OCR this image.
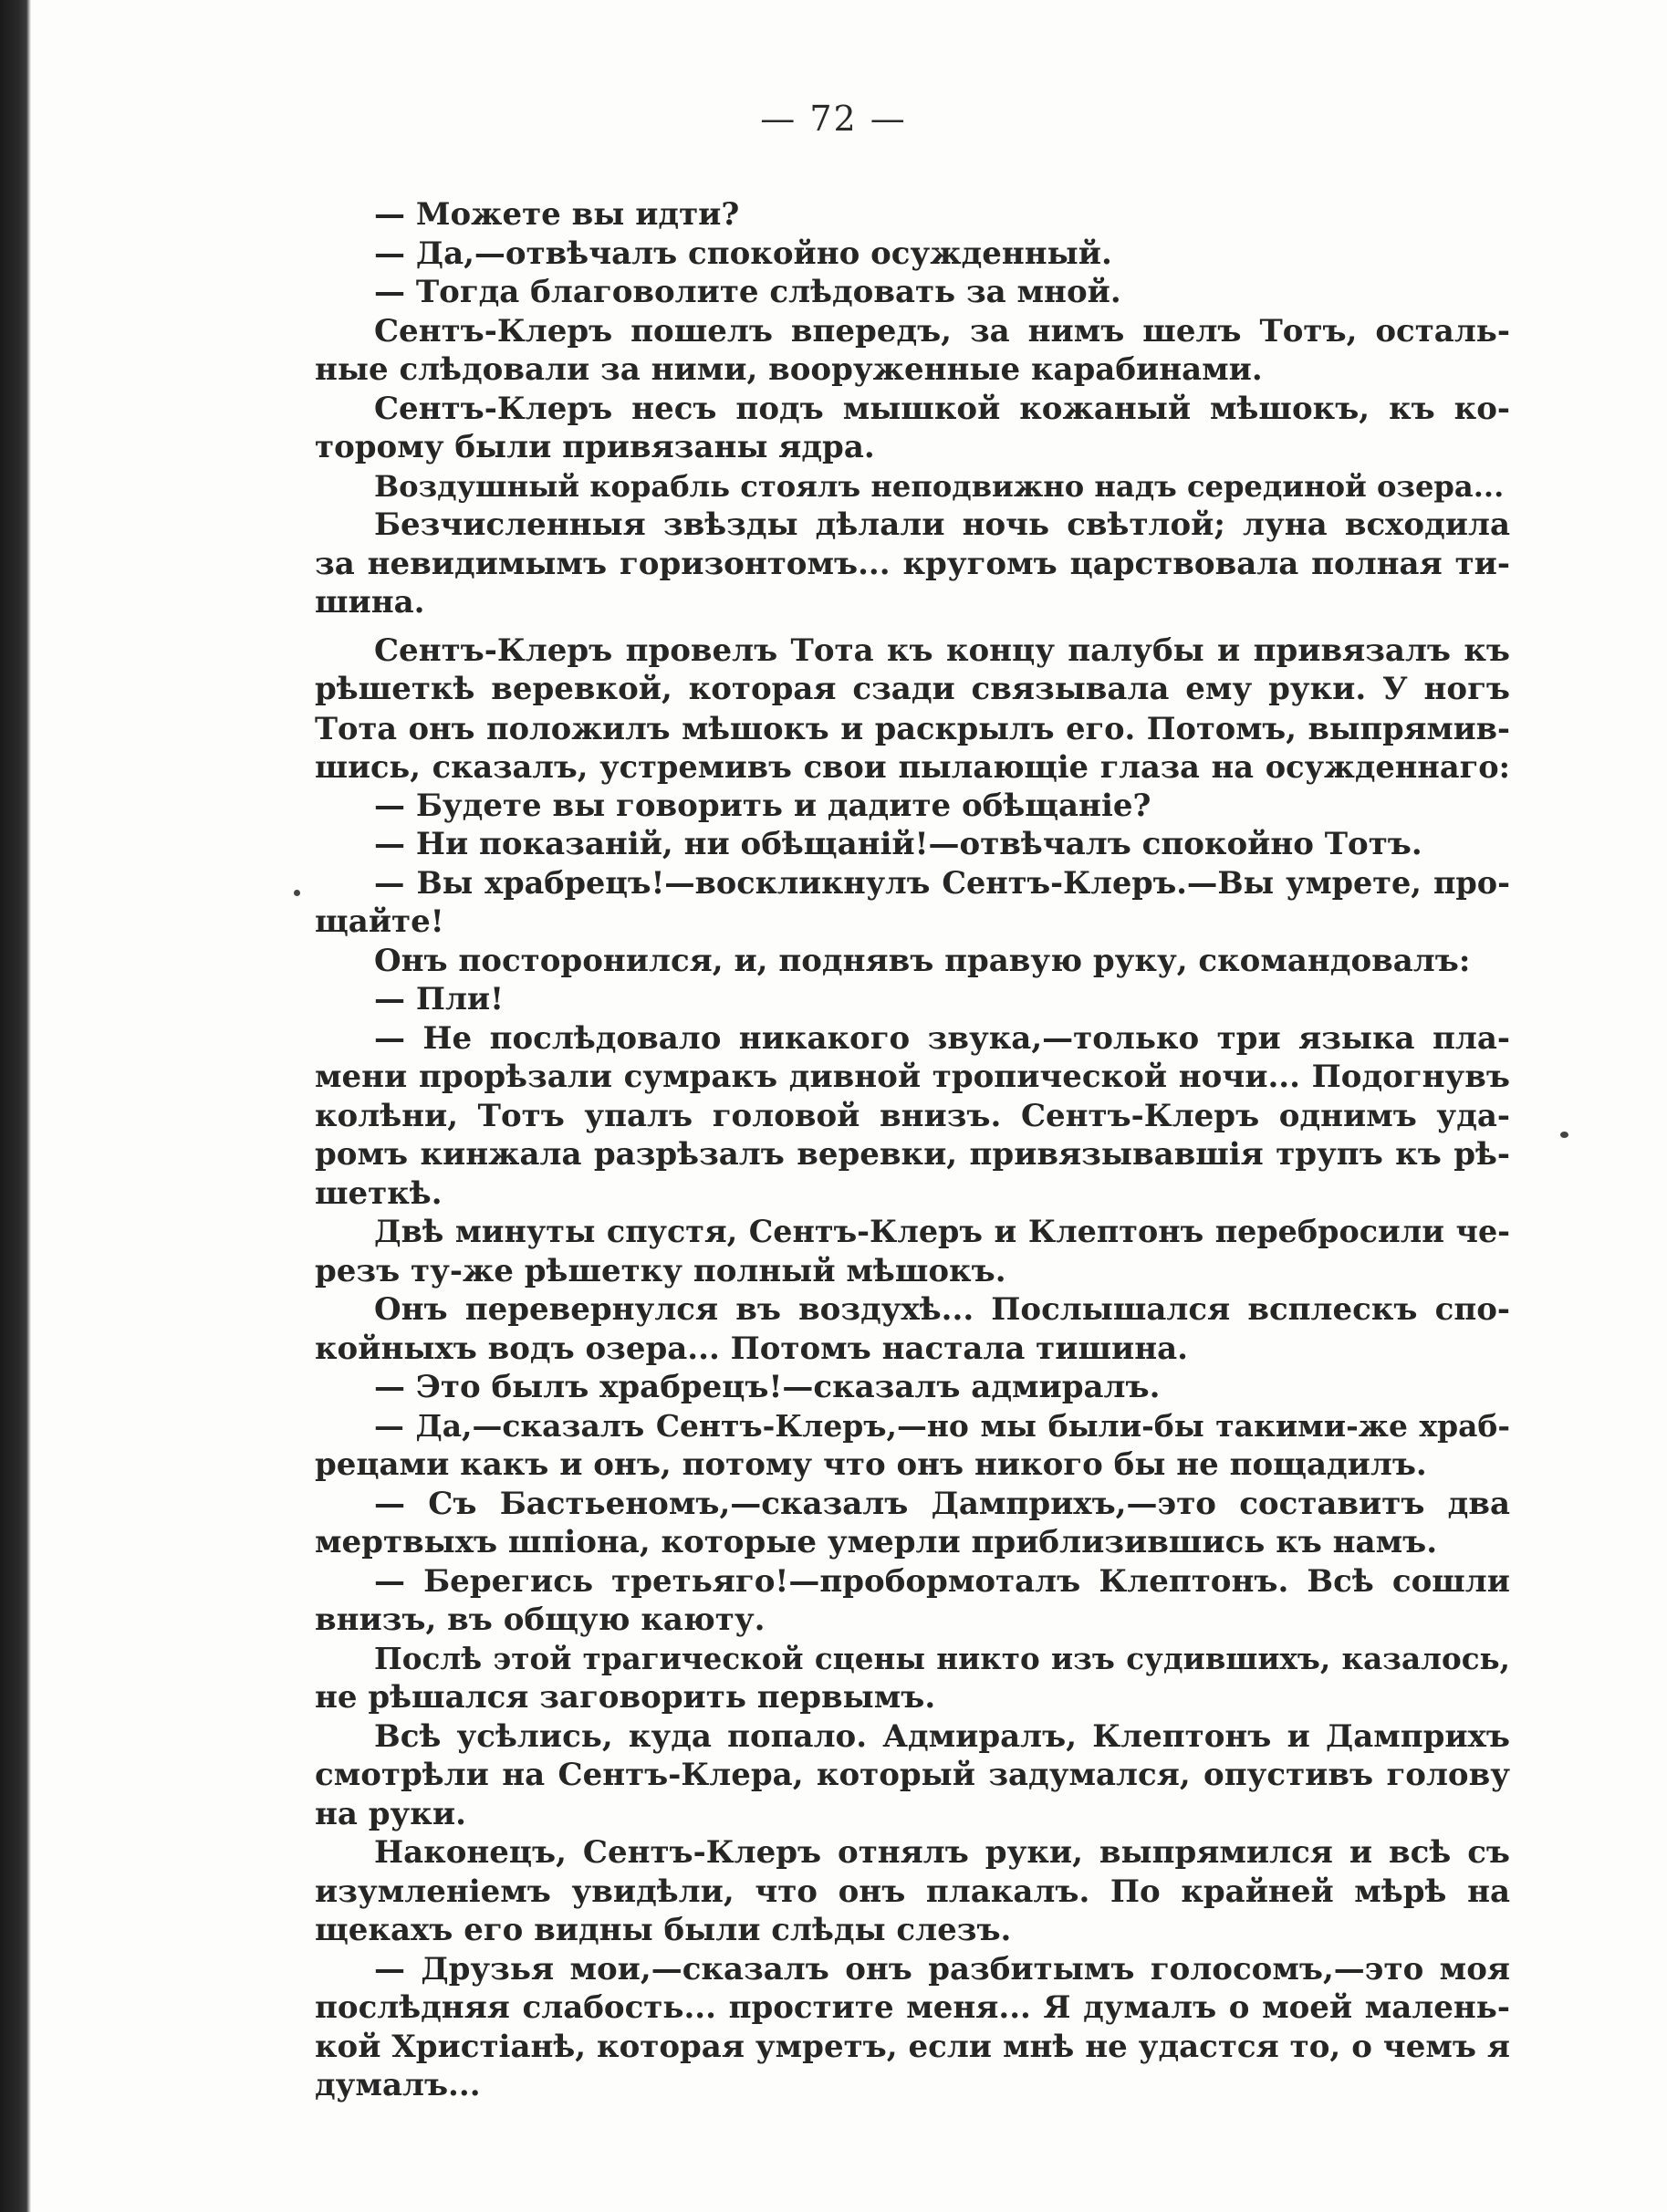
— 72 —
— Можете вы идти?
— Да,—отвѣчалъ спокойно осужденный.
— Тогда благоволите слѣдовать за мной.
Сентъ-Клеръ пошелъ впередъ, за нимъ шелъ Тотъ, осталь-
ные слѣдовали за ними, вооруженные карабинами.
Сентъ-Клеръ несъ подъ мышкой кожаный мѣшокъ, къ ко-
торому были привязаны ядра.
Воздушный корабль стоялъ неподвижно надъ серединой озера...
Безчисленныя звѣзды дѣлали ночь свѣтлой; луна всходила
за невидимымъ горизонтомъ... кругомъ царствовала полная ти-
шина.
Сентъ-Клеръ провелъ Тота къ концу палубы и привязалъ къ
рѣшеткѣ веревкой, которая сзади связывала ему руки. У ногъ
Тота онъ положилъ мѣшокъ и раскрылъ его. Потомъ, выпрямив-
шись, сказалъ, устремивъ свои пылающіе глаза на осужденнаго:
— Будете вы говорить и дадите обѣщаніе?
— Ни показаній, ни обѣщаній!—отвѣчалъ спокойно Тотъ.
— Вы храбрецъ!—воскликнулъ Сентъ-Клеръ.—Вы умрете, про-
щайте!
Онъ посторонился, и, поднявъ правую руку, скомандовалъ:
— Пли!
— Не послѣдовало никакого звука,—только три языка пла-
мени прорѣзали сумракъ дивной тропической ночи... Подогнувъ
колѣни, Тотъ упалъ головой внизъ. Сентъ-Клеръ однимъ уда-
ромъ кинжала разрѣзалъ веревки, привязывавшія трупъ къ рѣ-
шеткѣ.
Двѣ минуты спустя, Сентъ-Клеръ и Клептонъ перебросили че-
резъ ту-же рѣшетку полный мѣшокъ.
Онъ перевернулся въ воздухѣ... Послышался всплескъ спо-
койныхъ водъ озера... Потомъ настала тишина.
— Это былъ храбрецъ!—сказалъ адмиралъ.
— Да,—сказалъ Сентъ-Клеръ,—но мы были-бы такими-же храб-
рецами какъ и онъ, потому что онъ никого бы не пощадилъ.
— Съ Бастьеномъ,—сказалъ Дамприхъ,—это составитъ два
мертвыхъ шпіона, которые умерли приблизившись къ намъ.
— Берегись третьяго!—пробормоталъ Клептонъ. Всѣ сошли
внизъ, въ общую каюту.
Послѣ этой трагической сцены никто изъ судившихъ, казалось,
не рѣшался заговорить первымъ.
Всѣ усѣлись, куда попало. Адмиралъ, Клептонъ и Дамприхъ
смотрѣли на Сентъ-Клера, который задумался, опустивъ голову
на руки.
Наконецъ, Сентъ-Клеръ отнялъ руки, выпрямился и всѣ съ
изумленіемъ увидѣли, что онъ плакалъ. По крайней мѣрѣ на
щекахъ его видны были слѣды слезъ.
— Друзья мои,—сказалъ онъ разбитымъ голосомъ,—это моя
послѣдняя слабость... простите меня... Я думалъ о моей малень-
кой Христіанѣ, которая умретъ, если мнѣ не удастся то, о чемъ я
думалъ...
